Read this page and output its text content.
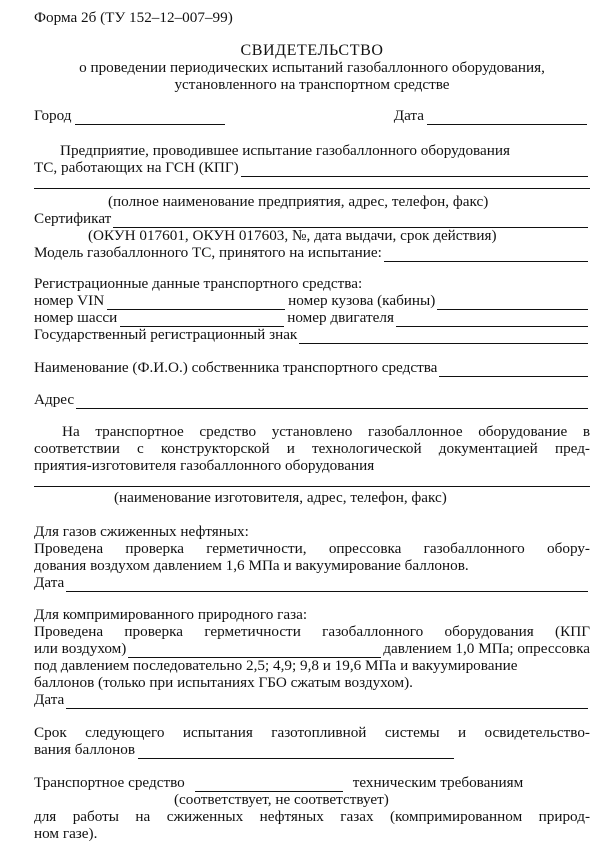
Форма 2б (ТУ 152–12–007–99)
СВИДЕТЕЛЬСТВО
о проведении периодических испытаний газобаллонного оборудования,
установленного на транспортном средстве
Город	Дата
Предприятие, проводившее испытание газобаллонного оборудования
ТС, работающих на ГСН (КПГ)
(полное наименование предприятия, адрес, телефон, факс)
Сертификат
(ОКУН 017601, ОКУН 017603, №, дата выдачи, срок действия)
Модель газобаллонного ТС, принятого на испытание:
Регистрационные данные транспортного средства:
номер VIN	номер кузова (кабины)
номер шасси	номер двигателя
Государственный регистрационный знак
Наименование (Ф.И.О.) собственника транспортного средства
Адрес
На транспортное средство установлено газобаллонное оборудование в
соответствии с конструкторской и технологической документацией пред-
приятия-изготовителя газобаллонного оборудования
(наименование изготовителя, адрес, телефон, факс)
Для газов сжиженных нефтяных:
Проведена проверка герметичности, опрессовка газобаллонного обору-
дования воздухом давлением 1,6 МПа и вакуумирование баллонов.
Дата
Для компримированного природного газа:
Проведена проверка герметичности газобаллонного оборудования (КПГ
или воздухом)	давлением 1,0 МПа; опрессовка
под давлением последовательно 2,5; 4,9; 9,8 и 19,6 МПа и вакуумирование
баллонов (только при испытаниях ГБО сжатым воздухом).
Дата
Срок следующего испытания газотопливной системы и освидетельство-
вания баллонов
Транспортное средство	техническим требованиям
(соответствует, не соответствует)
для работы на сжиженных нефтяных газах (компримированном природ-
ном газе).
